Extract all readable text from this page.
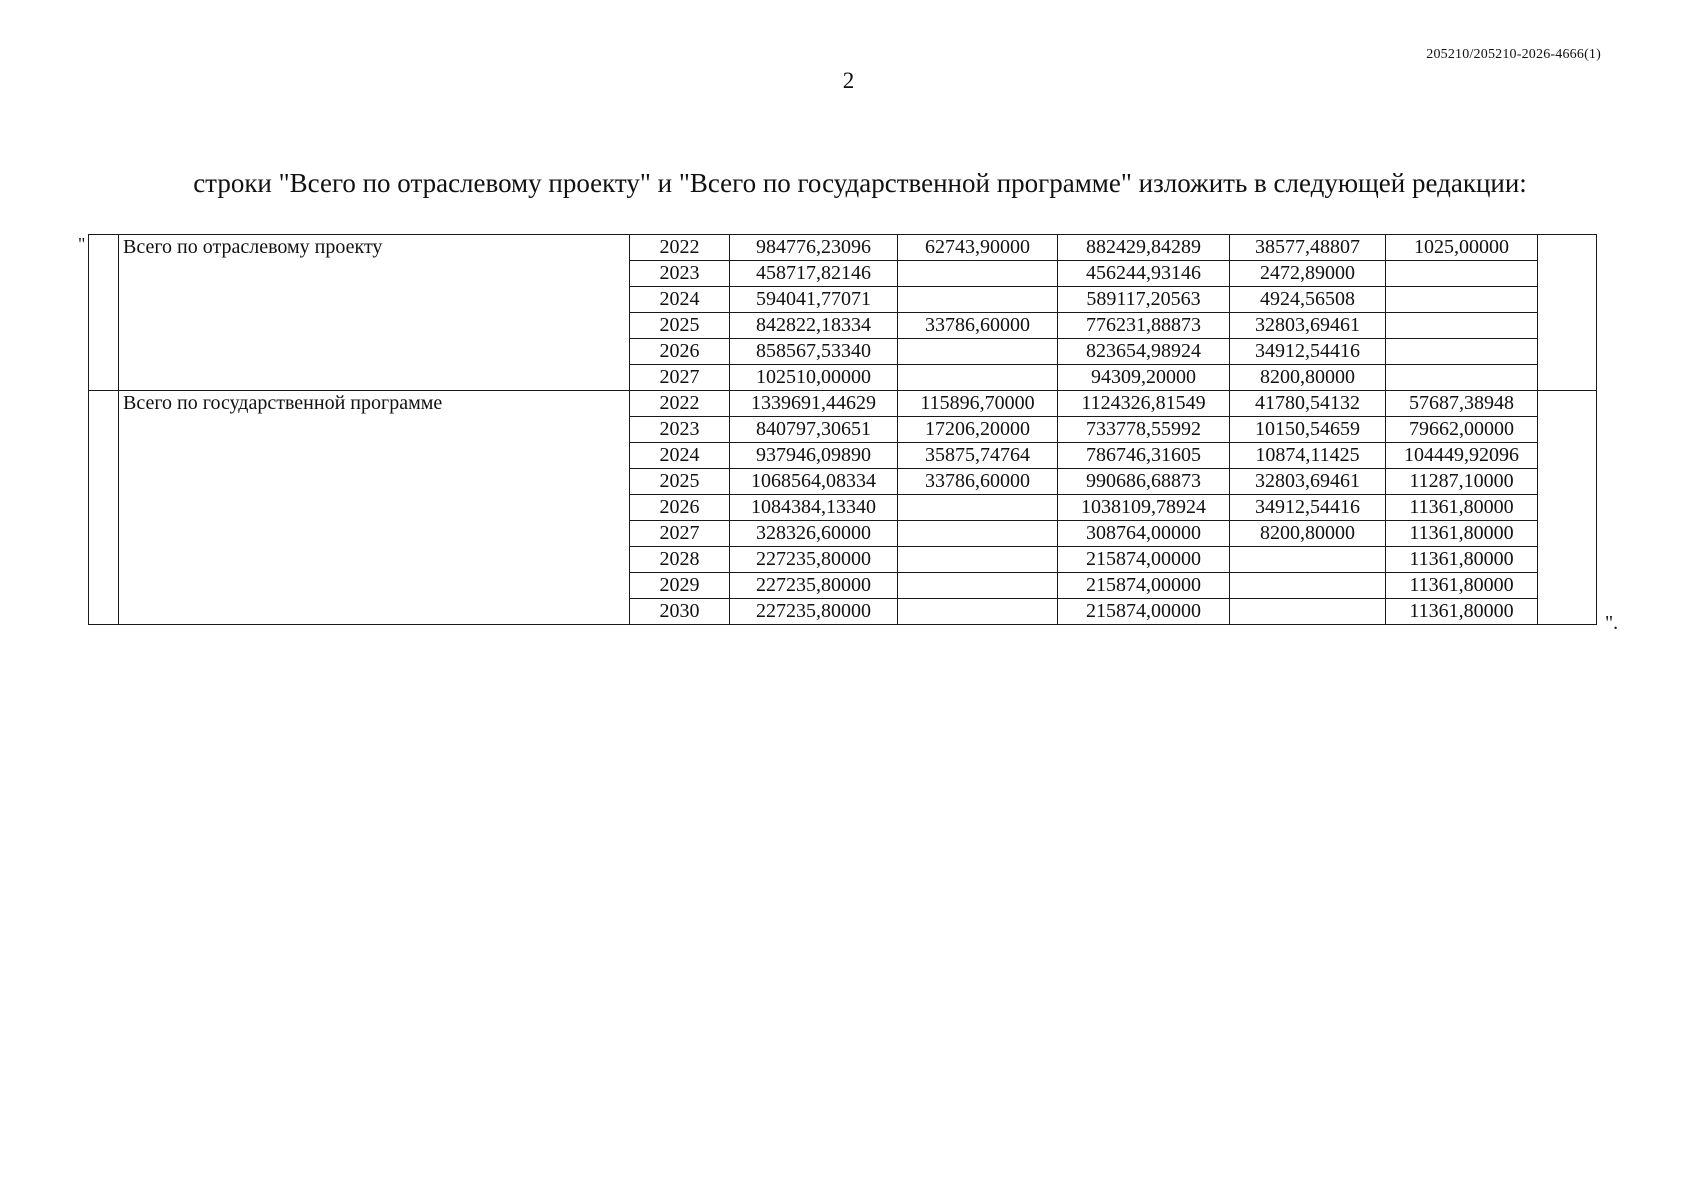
205210/205210-2026-4666(1)
2
строки "Всего по отраслевому проекту" и "Всего по государственной программе" изложить в следующей редакции:
"
".
	Всего по отраслевому проекту	2022	984776,23096	62743,90000	882429,84289	38577,48807	1025,00000	
		2023	458717,82146		456244,93146	2472,89000		
		2024	594041,77071		589117,20563	4924,56508		
		2025	842822,18334	33786,60000	776231,88873	32803,69461		
		2026	858567,53340		823654,98924	34912,54416		
		2027	102510,00000		94309,20000	8200,80000		
	Всего по государственной программе	2022	1339691,44629	115896,70000	1124326,81549	41780,54132	57687,38948	
		2023	840797,30651	17206,20000	733778,55992	10150,54659	79662,00000	
		2024	937946,09890	35875,74764	786746,31605	10874,11425	104449,92096	
		2025	1068564,08334	33786,60000	990686,68873	32803,69461	11287,10000	
		2026	1084384,13340		1038109,78924	34912,54416	11361,80000	
		2027	328326,60000		308764,00000	8200,80000	11361,80000	
		2028	227235,80000		215874,00000		11361,80000	
		2029	227235,80000		215874,00000		11361,80000	
		2030	227235,80000		215874,00000		11361,80000	
